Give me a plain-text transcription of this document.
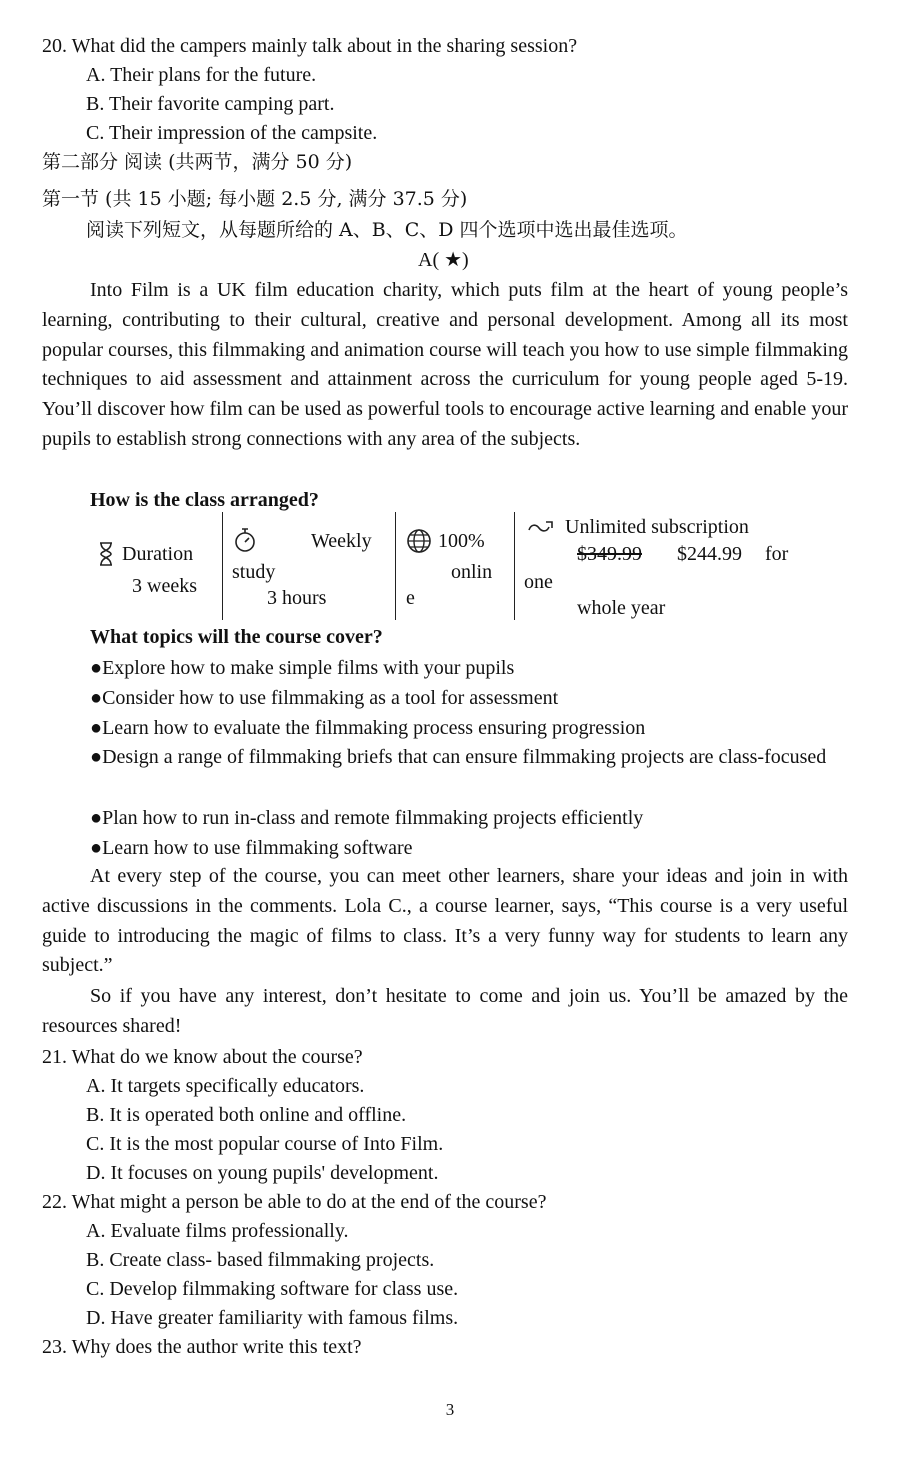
20. What did the campers mainly talk about in the sharing session?
A. Their plans for the future.
B. Their favorite camping part.
C. Their impression of the campsite.
第二部分 阅读 (共两节，满分 50 分)
第一节 (共 15 小题; 每小题 2.5 分, 满分 37.5 分)
阅读下列短文，从每题所给的 A、B、C、D 四个选项中选出最佳选项。
A( ★)
Into Film is a UK film education charity, which puts film at the heart of young people’s learning, contributing to their cultural, creative and personal development. Among all its most popular courses, this filmmaking and animation course will teach you how to use simple filmmaking techniques to aid assessment and attainment across the curriculum for young people aged 5-19. You’ll discover how film can be used as powerful tools to encourage active learning and enable your pupils to establish strong connections with any area of the subjects.
How is the class arranged?
Duration
3 weeks
Weekly
study
3 hours
100%
onlin
e
Unlimited subscription
$349.99 $244.99 for
one
whole year
What topics will the course cover?
●Explore how to make simple films with your pupils
●Consider how to use filmmaking as a tool for assessment
●Learn how to evaluate the filmmaking process ensuring progression
●Design a range of filmmaking briefs that can ensure filmmaking projects are class-focused
●Plan how to run in-class and remote filmmaking projects efficiently
●Learn how to use filmmaking software
At every step of the course, you can meet other learners, share your ideas and join in with active discussions in the comments. Lola C., a course learner, says, “This course is a very useful guide to introducing the magic of films to class. It’s a very funny way for students to learn any subject.”
So if you have any interest, don’t hesitate to come and join us. You’ll be amazed by the resources shared!
21. What do we know about the course?
A. It targets specifically educators.
B. It is operated both online and offline.
C. It is the most popular course of Into Film.
D. It focuses on young pupils' development.
22. What might a person be able to do at the end of the course?
A. Evaluate films professionally.
B. Create class- based filmmaking projects.
C. Develop filmmaking software for class use.
D. Have greater familiarity with famous films.
23. Why does the author write this text?
3
